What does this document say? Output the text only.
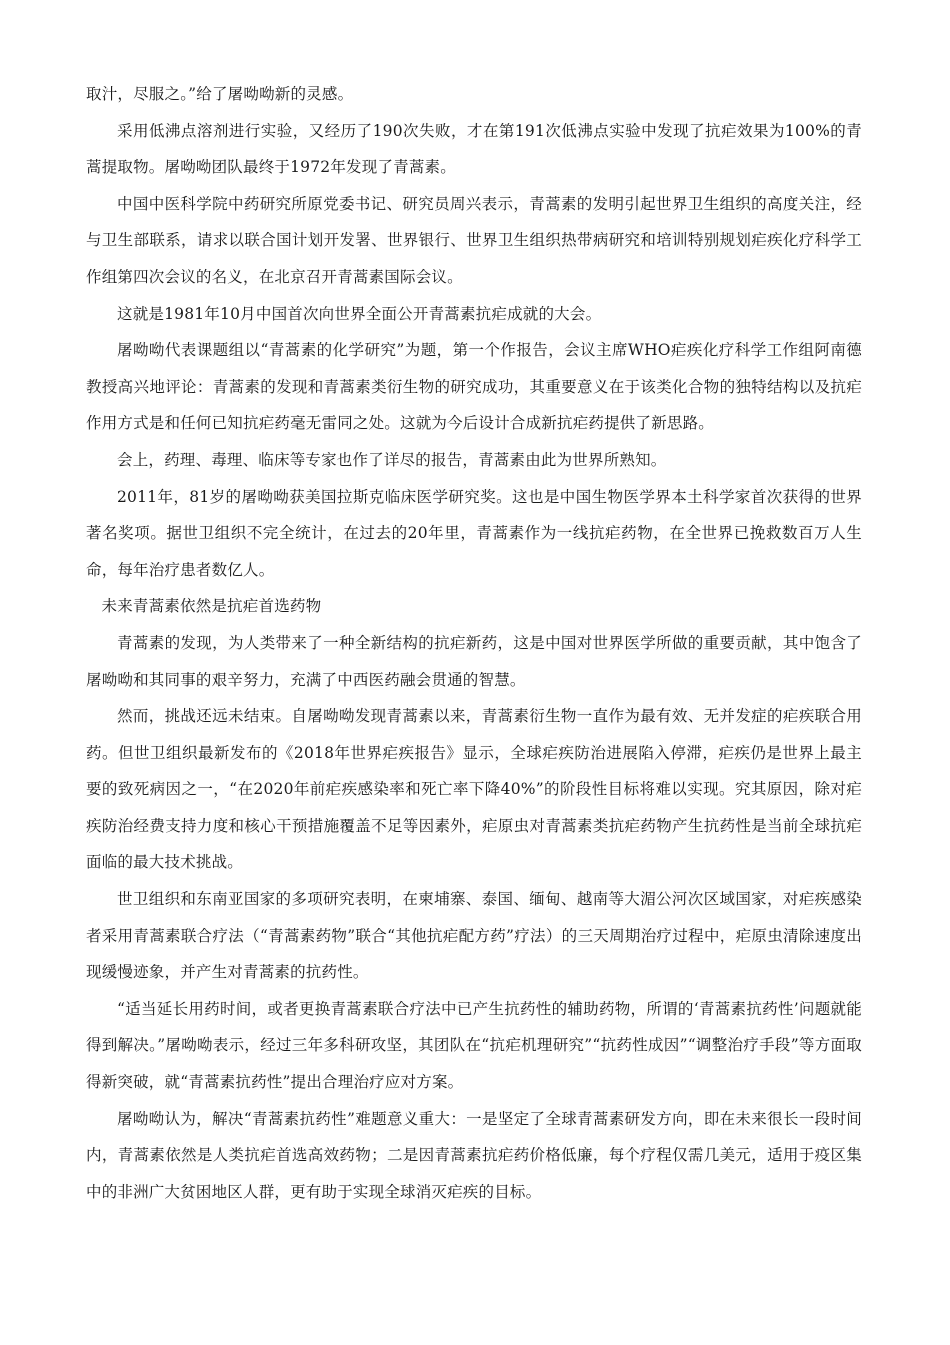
取汁，尽服之。”给了屠呦呦新的灵感。

采用低沸点溶剂进行实验，又经历了190次失败，才在第191次低沸点实验中发现了抗疟效果为100%的青蒿提取物。屠呦呦团队最终于1972年发现了青蒿素。

中国中医科学院中药研究所原党委书记、研究员周兴表示，青蒿素的发明引起世界卫生组织的高度关注，经与卫生部联系，请求以联合国计划开发署、世界银行、世界卫生组织热带病研究和培训特别规划疟疾化疗科学工作组第四次会议的名义，在北京召开青蒿素国际会议。

这就是1981年10月中国首次向世界全面公开青蒿素抗疟成就的大会。

屠呦呦代表课题组以“青蒿素的化学研究”为题，第一个作报告，会议主席WHO疟疾化疗科学工作组阿南德教授高兴地评论：青蒿素的发现和青蒿素类衍生物的研究成功，其重要意义在于该类化合物的独特结构以及抗疟作用方式是和任何已知抗疟药毫无雷同之处。这就为今后设计合成新抗疟药提供了新思路。

会上，药理、毒理、临床等专家也作了详尽的报告，青蒿素由此为世界所熟知。

2011年，81岁的屠呦呦获美国拉斯克临床医学研究奖。这也是中国生物医学界本土科学家首次获得的世界著名奖项。据世卫组织不完全统计，在过去的20年里，青蒿素作为一线抗疟药物，在全世界已挽救数百万人生命，每年治疗患者数亿人。

未来青蒿素依然是抗疟首选药物

青蒿素的发现，为人类带来了一种全新结构的抗疟新药，这是中国对世界医学所做的重要贡献，其中饱含了屠呦呦和其同事的艰辛努力，充满了中西医药融会贯通的智慧。

然而，挑战还远未结束。自屠呦呦发现青蒿素以来，青蒿素衍生物一直作为最有效、无并发症的疟疾联合用药。但世卫组织最新发布的《2018年世界疟疾报告》显示，全球疟疾防治进展陷入停滞，疟疾仍是世界上最主要的致死病因之一，“在2020年前疟疾感染率和死亡率下降40%”的阶段性目标将难以实现。究其原因，除对疟疾防治经费支持力度和核心干预措施覆盖不足等因素外，疟原虫对青蒿素类抗疟药物产生抗药性是当前全球抗疟面临的最大技术挑战。

世卫组织和东南亚国家的多项研究表明，在柬埔寨、泰国、缅甸、越南等大湄公河次区域国家，对疟疾感染者采用青蒿素联合疗法（“青蒿素药物”联合“其他抗疟配方药”疗法）的三天周期治疗过程中，疟原虫清除速度出现缓慢迹象，并产生对青蒿素的抗药性。

“适当延长用药时间，或者更换青蒿素联合疗法中已产生抗药性的辅助药物，所谓的‘青蒿素抗药性’问题就能得到解决。”屠呦呦表示，经过三年多科研攻坚，其团队在“抗疟机理研究”“抗药性成因”“调整治疗手段”等方面取得新突破，就“青蒿素抗药性”提出合理治疗应对方案。

屠呦呦认为，解决“青蒿素抗药性”难题意义重大：一是坚定了全球青蒿素研发方向，即在未来很长一段时间内，青蒿素依然是人类抗疟首选高效药物；二是因青蒿素抗疟药价格低廉，每个疗程仅需几美元，适用于疫区集中的非洲广大贫困地区人群，更有助于实现全球消灭疟疾的目标。
